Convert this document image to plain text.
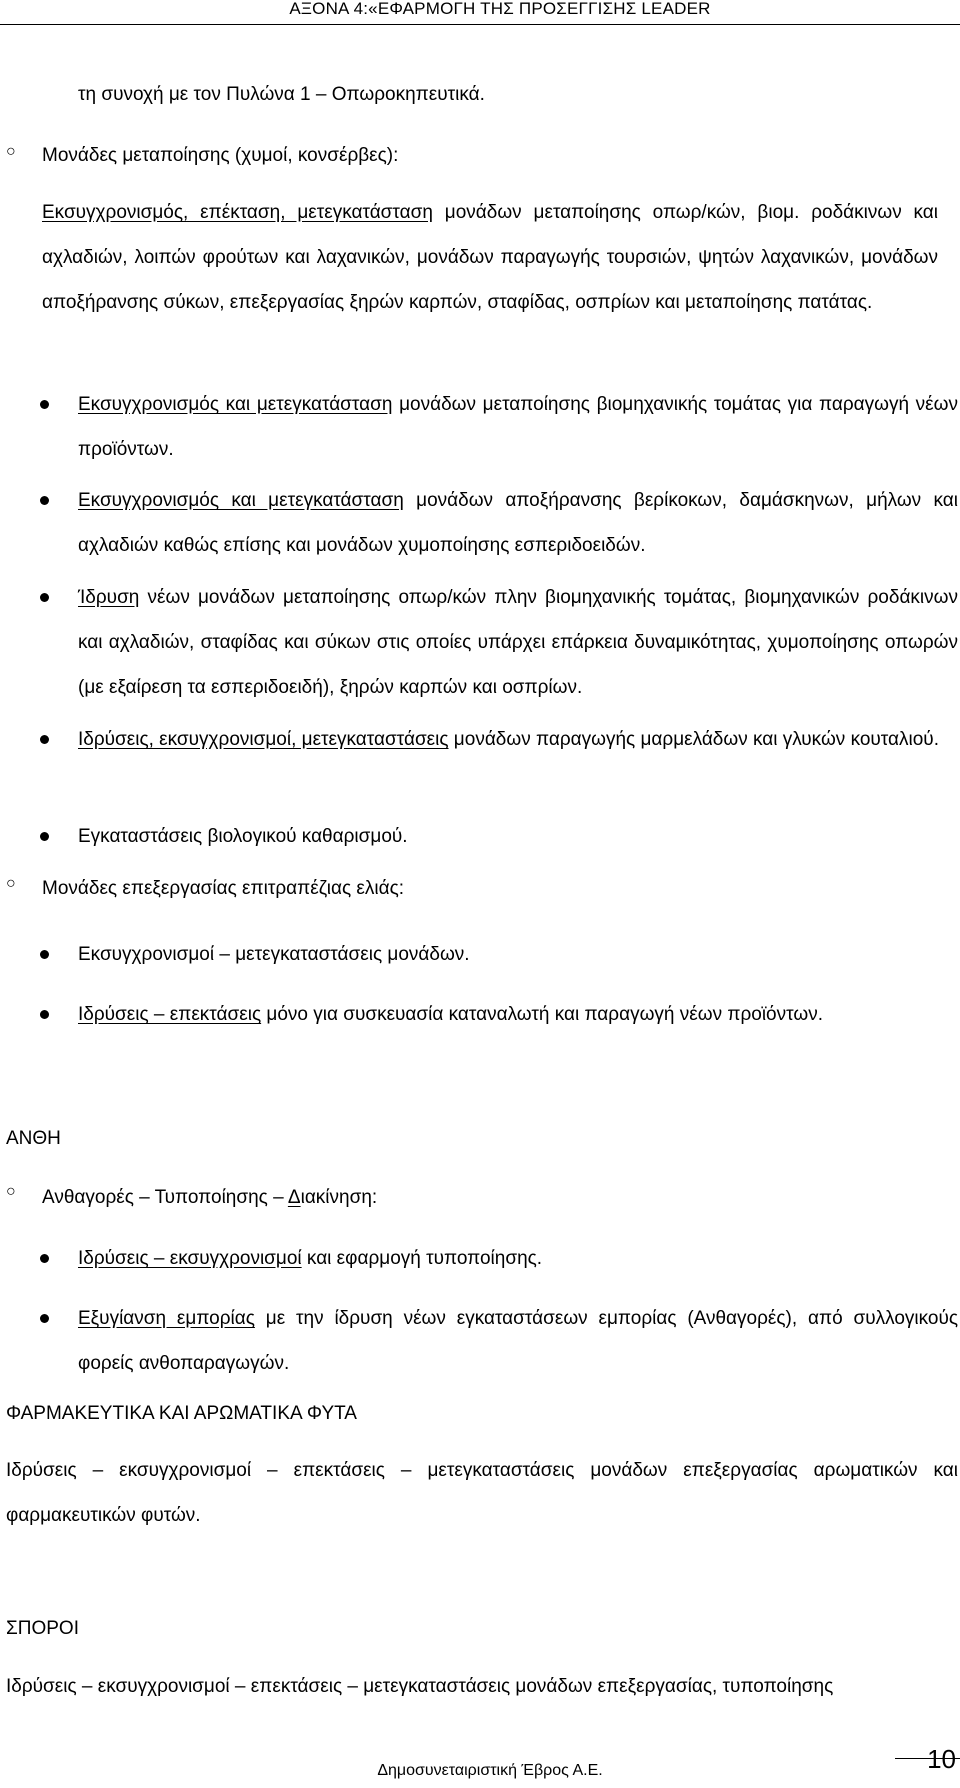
ΑΞΟΝΑ 4:«ΕΦΑΡΜΟΓΗ ΤΗΣ ΠΡΟΣΕΓΓΙΣΗΣ LEADER
τη συνοχή με τον Πυλώνα 1 – Οπωροκηπευτικά.
○ Μονάδες μεταποίησης (χυμοί, κονσέρβες):
Εκσυγχρονισμός, επέκταση, μετεγκατάσταση μονάδων μεταποίησης οπωρ/κών, βιομ. ροδάκινων και αχλαδιών, λοιπών φρούτων και λαχανικών, μονάδων παραγωγής τουρσιών, ψητών λαχανικών, μονάδων αποξήρανσης σύκων, επεξεργασίας ξηρών καρπών, σταφίδας, οσπρίων και μεταποίησης πατάτας.
Εκσυγχρονισμός και μετεγκατάσταση μονάδων μεταποίησης βιομηχανικής τομάτας για παραγωγή νέων προϊόντων.
Εκσυγχρονισμός και μετεγκατάσταση μονάδων αποξήρανσης βερίκοκων, δαμάσκηνων, μήλων και αχλαδιών καθώς επίσης και μονάδων χυμοποίησης εσπεριδοειδών.
Ίδρυση νέων μονάδων μεταποίησης οπωρ/κών πλην βιομηχανικής τομάτας, βιομηχανικών ροδάκινων και αχλαδιών, σταφίδας και σύκων στις οποίες υπάρχει επάρκεια δυναμικότητας, χυμοποίησης οπωρών (με εξαίρεση τα εσπεριδοειδή), ξηρών καρπών και οσπρίων.
Ιδρύσεις, εκσυγχρονισμοί, μετεγκαταστάσεις μονάδων παραγωγής μαρμελάδων και γλυκών κουταλιού.
Εγκαταστάσεις βιολογικού καθαρισμού.
○ Μονάδες επεξεργασίας επιτραπέζιας ελιάς:
Εκσυγχρονισμοί – μετεγκαταστάσεις μονάδων.
Ιδρύσεις – επεκτάσεις μόνο για συσκευασία καταναλωτή και παραγωγή νέων προϊόντων.
ΑΝΘΗ
○ Ανθαγορές – Τυποποίησης – Διακίνηση:
Ιδρύσεις – εκσυγχρονισμοί και εφαρμογή τυποποίησης.
Εξυγίανση εμπορίας με την ίδρυση νέων εγκαταστάσεων εμπορίας (Ανθαγορές), από συλλογικούς φορείς ανθοπαραγωγών.
ΦΑΡΜΑΚΕΥΤΙΚΑ ΚΑΙ ΑΡΩΜΑΤΙΚΑ ΦΥΤΑ
Ιδρύσεις – εκσυγχρονισμοί – επεκτάσεις – μετεγκαταστάσεις μονάδων επεξεργασίας αρωματικών και φαρμακευτικών φυτών.
ΣΠΟΡΟΙ
Ιδρύσεις – εκσυγχρονισμοί – επεκτάσεις – μετεγκαταστάσεις μονάδων επεξεργασίας, τυποποίησης
Δημοσυνεταιριστική Έβρος Α.Ε.	10
